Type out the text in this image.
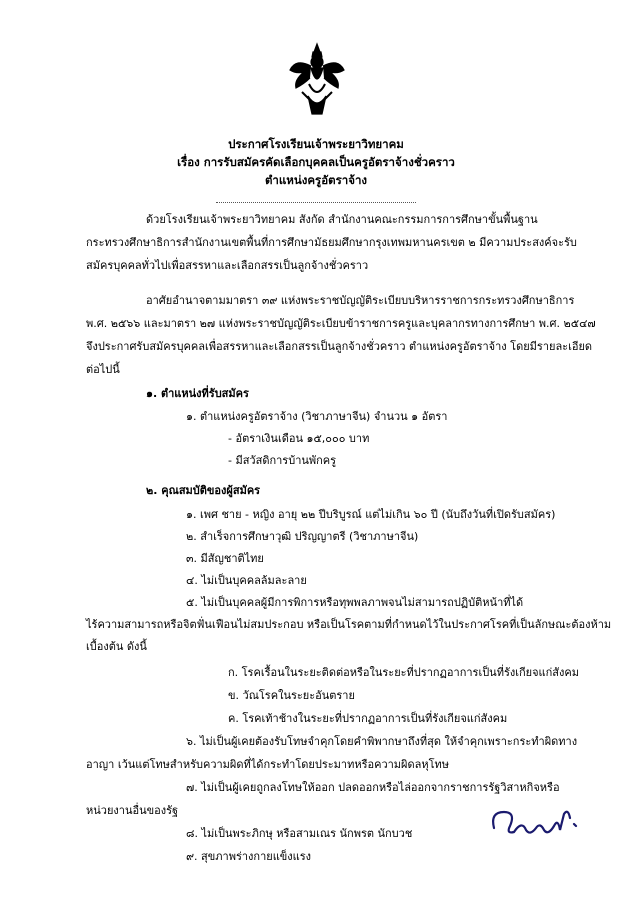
ประกาศโรงเรียนเจ้าพระยาวิทยาคม
เรื่อง การรับสมัครคัดเลือกบุคคลเป็นครูอัตราจ้างชั่วคราว
ตำแหน่งครูอัตราจ้าง
ด้วยโรงเรียนเจ้าพระยาวิทยาคม สังกัด สำนักงานคณะกรรมการการศึกษาขั้นพื้นฐาน
กระทรวงศึกษาธิการสำนักงานเขตพื้นที่การศึกษามัธยมศึกษากรุงเทพมหานครเขต ๒ มีความประสงค์จะรับ
สมัครบุคคลทั่วไปเพื่อสรรหาและเลือกสรรเป็นลูกจ้างชั่วคราว
อาศัยอำนาจตามมาตรา ๓๙ แห่งพระราชบัญญัติระเบียบบริหารราชการกระทรวงศึกษาธิการ
พ.ศ. ๒๕๖๖ และมาตรา ๒๗ แห่งพระราชบัญญัติระเบียบข้าราชการครูและบุคลากรทางการศึกษา พ.ศ. ๒๕๔๗
จึงประกาศรับสมัครบุคคลเพื่อสรรหาและเลือกสรรเป็นลูกจ้างชั่วคราว ตำแหน่งครูอัตราจ้าง โดยมีรายละเอียด
ต่อไปนี้
๑. ตำแหน่งที่รับสมัคร
๑. ตำแหน่งครูอัตราจ้าง (วิชาภาษาจีน) จำนวน ๑ อัตรา
- อัตราเงินเดือน ๑๕,๐๐๐ บาท
- มีสวัสดิการบ้านพักครู
๒. คุณสมบัติของผู้สมัคร
๑. เพศ ชาย - หญิง อายุ ๒๒ ปีบริบูรณ์ แต่ไม่เกิน ๖๐ ปี (นับถึงวันที่เปิดรับสมัคร)
๒. สำเร็จการศึกษาวุฒิ ปริญญาตรี (วิชาภาษาจีน)
๓. มีสัญชาติไทย
๔. ไม่เป็นบุคคลล้มละลาย
๕. ไม่เป็นบุคคลผู้มีการพิการหรือทุพพลภาพจนไม่สามารถปฏิบัติหน้าที่ได้
ไร้ความสามารถหรือจิตฟั่นเฟือนไม่สมประกอบ หรือเป็นโรคตามที่กำหนดไว้ในประกาศโรคที่เป็นลักษณะต้องห้าม
เบื้องต้น ดังนี้
ก. โรคเรื้อนในระยะติดต่อหรือในระยะที่ปรากฏอาการเป็นที่รังเกียจแก่สังคม
ข. วัณโรคในระยะอันตราย
ค. โรคเท้าช้างในระยะที่ปรากฏอาการเป็นที่รังเกียจแก่สังคม
๖. ไม่เป็นผู้เคยต้องรับโทษจำคุกโดยคำพิพากษาถึงที่สุด ให้จำคุกเพราะกระทำผิดทาง
อาญา เว้นแต่โทษสำหรับความผิดที่ได้กระทำโดยประมาทหรือความผิดลหุโทษ
๗. ไม่เป็นผู้เคยถูกลงโทษให้ออก ปลดออกหรือไล่ออกจากราชการรัฐวิสาหกิจหรือ
หน่วยงานอื่นของรัฐ
๘. ไม่เป็นพระภิกษุ หรือสามเณร นักพรต นักบวช
๙. สุขภาพร่างกายแข็งแรง
